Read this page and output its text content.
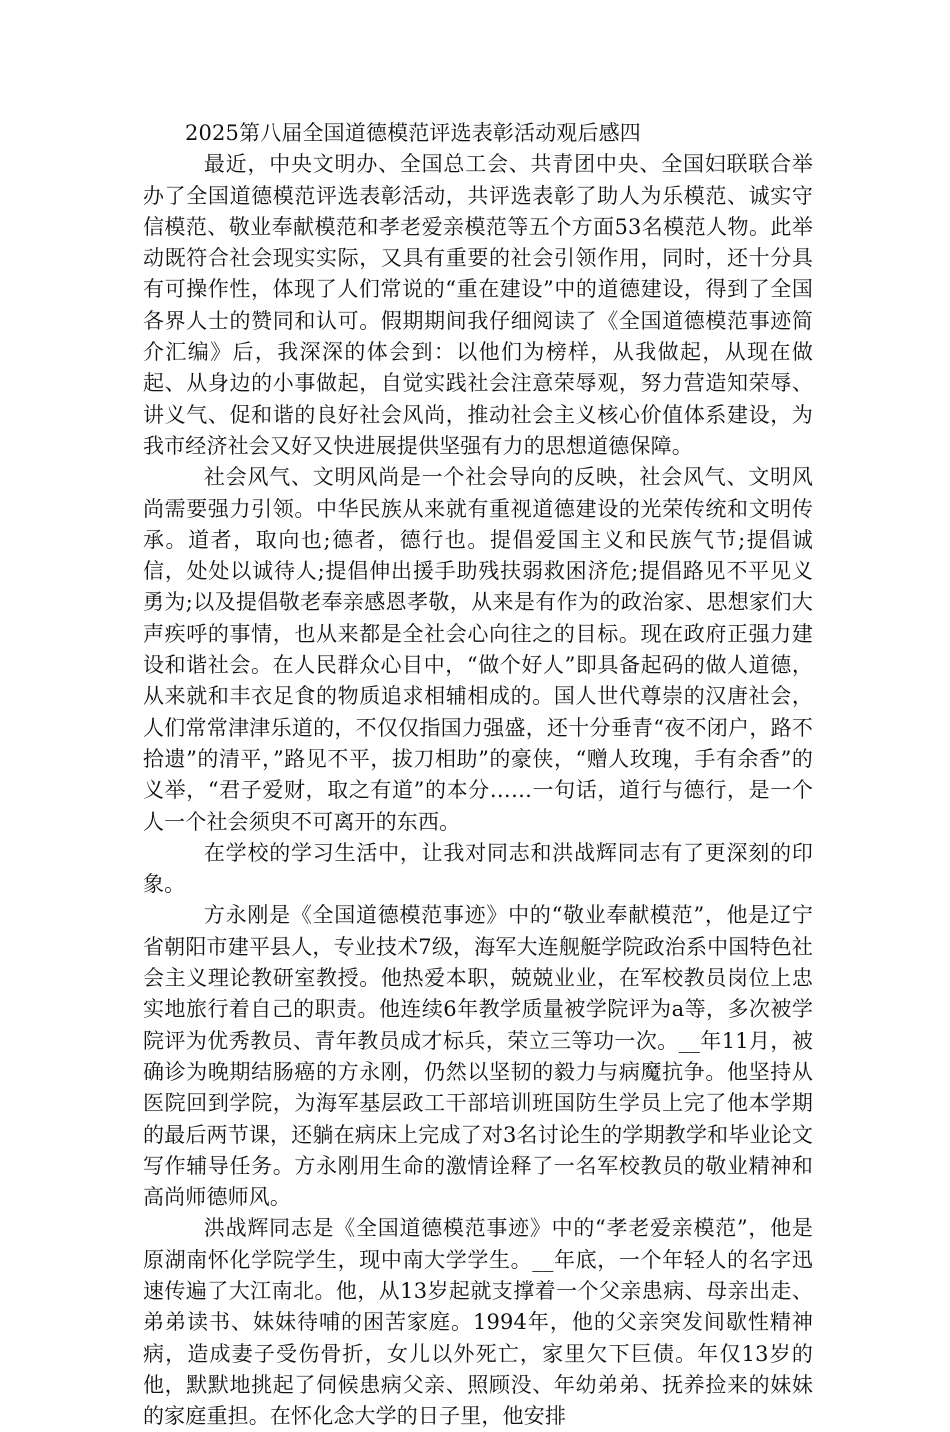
2025第八届全国道德模范评选表彰活动观后感四

最近，中央文明办、全国总工会、共青团中央、全国妇联联合举办了全国道德模范评选表彰活动，共评选表彰了助人为乐模范、诚实守信模范、敬业奉献模范和孝老爱亲模范等五个方面53名模范人物。此举动既符合社会现实实际，又具有重要的社会引领作用，同时，还十分具有可操作性，体现了人们常说的“重在建设”中的道德建设，得到了全国各界人士的赞同和认可。假期期间我仔细阅读了《全国道德模范事迹简介汇编》后，我深深的体会到：以他们为榜样，从我做起，从现在做起、从身边的小事做起，自觉实践社会注意荣辱观，努力营造知荣辱、讲义气、促和谐的良好社会风尚，推动社会主义核心价值体系建设，为我市经济社会又好又快进展提供坚强有力的思想道德保障。

社会风气、文明风尚是一个社会导向的反映，社会风气、文明风尚需要强力引领。中华民族从来就有重视道德建设的光荣传统和文明传承。道者，取向也;德者，德行也。提倡爱国主义和民族气节;提倡诚信，处处以诚待人;提倡伸出援手助残扶弱救困济危;提倡路见不平见义勇为;以及提倡敬老奉亲感恩孝敬，从来是有作为的政治家、思想家们大声疾呼的事情，也从来都是全社会心向往之的目标。现在政府正强力建设和谐社会。在人民群众心目中，“做个好人”即具备起码的做人道德，从来就和丰衣足食的物质追求相辅相成的。国人世代尊崇的汉唐社会，人们常常津津乐道的，不仅仅指国力强盛，还十分垂青“夜不闭户，路不拾遗”的清平，”路见不平，拔刀相助”的豪侠，“赠人玫瑰，手有余香”的义举，“君子爱财，取之有道”的本分……一句话，道行与德行，是一个人一个社会须臾不可离开的东西。

在学校的学习生活中，让我对同志和洪战辉同志有了更深刻的印象。

方永刚是《全国道德模范事迹》中的“敬业奉献模范”，他是辽宁省朝阳市建平县人，专业技术7级，海军大连舰艇学院政治系中国特色社会主义理论教研室教授。他热爱本职，兢兢业业，在军校教员岗位上忠实地旅行着自己的职责。他连续6年教学质量被学院评为a等，多次被学院评为优秀教员、青年教员成才标兵，荣立三等功一次。__年11月，被确诊为晚期结肠癌的方永刚，仍然以坚韧的毅力与病魔抗争。他坚持从医院回到学院，为海军基层政工干部培训班国防生学员上完了他本学期的最后两节课，还躺在病床上完成了对3名讨论生的学期教学和毕业论文写作辅导任务。方永刚用生命的激情诠释了一名军校教员的敬业精神和高尚师德师风。

洪战辉同志是《全国道德模范事迹》中的“孝老爱亲模范”，他是原湖南怀化学院学生，现中南大学学生。__年底，一个年轻人的名字迅速传遍了大江南北。他，从13岁起就支撑着一个父亲患病、母亲出走、弟弟读书、妹妹待哺的困苦家庭。1994年，他的父亲突发间歇性精神病，造成妻子受伤骨折，女儿以外死亡，家里欠下巨债。年仅13岁的他，默默地挑起了伺候患病父亲、照顾没、年幼弟弟、抚养捡来的妹妹的家庭重担。在怀化念大学的日子里，他安排
